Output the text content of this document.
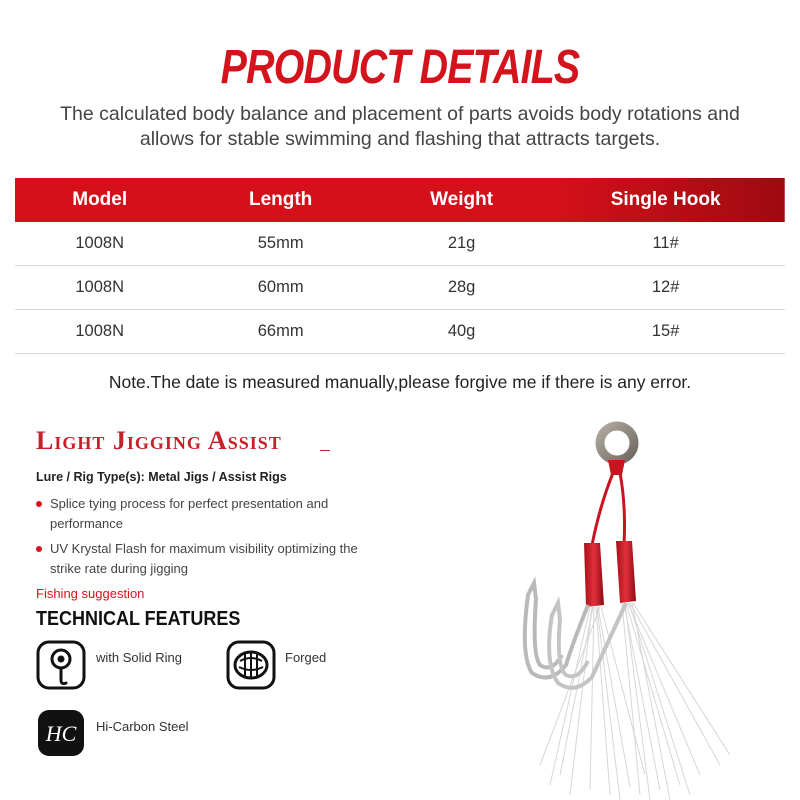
PRODUCT DETAILS

The calculated body balance and placement of parts avoids body rotations and
allows for stable swimming and flashing that attracts targets.

Model	Length	Weight	Single Hook
1008N	55mm	21g	11#
1008N	60mm	28g	12#
1008N	66mm	40g	15#

Note.The date is measured manually,please forgive me if there is any error.

Light Jigging Assist
Lure / Rig Type(s): Metal Jigs / Assist Rigs
Splice tying process for perfect presentation and
performance
UV Krystal Flash for maximum visibility optimizing the
strike rate during jigging
Fishing suggestion
TECHNICAL FEATURES
with Solid Ring	Forged
HC Hi-Carbon Steel
